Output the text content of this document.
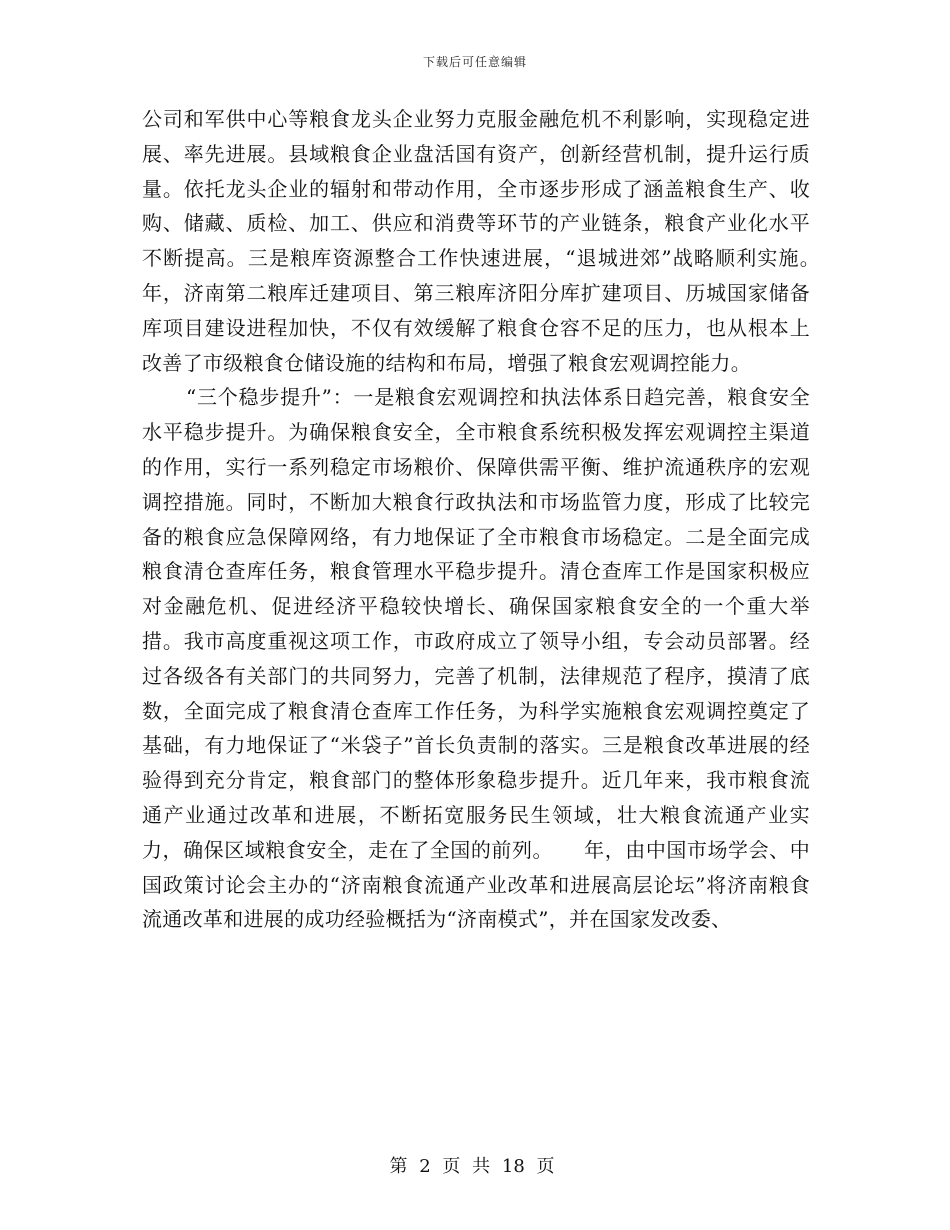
下载后可任意编辑

公司和军供中心等粮食龙头企业努力克服金融危机不利影响，实现稳定进展、率先进展。县域粮食企业盘活国有资产，创新经营机制，提升运行质量。依托龙头企业的辐射和带动作用，全市逐步形成了涵盖粮食生产、收购、储藏、质检、加工、供应和消费等环节的产业链条，粮食产业化水平不断提高。三是粮库资源整合工作快速进展，“退城进郊”战略顺利实施。　　年，济南第二粮库迁建项目、第三粮库济阳分库扩建项目、历城国家储备库项目建设进程加快，不仅有效缓解了粮食仓容不足的压力，也从根本上改善了市级粮食仓储设施的结构和布局，增强了粮食宏观调控能力。

“三个稳步提升”：一是粮食宏观调控和执法体系日趋完善，粮食安全水平稳步提升。为确保粮食安全，全市粮食系统积极发挥宏观调控主渠道的作用，实行一系列稳定市场粮价、保障供需平衡、维护流通秩序的宏观调控措施。同时，不断加大粮食行政执法和市场监管力度，形成了比较完备的粮食应急保障网络，有力地保证了全市粮食市场稳定。二是全面完成粮食清仓查库任务，粮食管理水平稳步提升。清仓查库工作是国家积极应对金融危机、促进经济平稳较快增长、确保国家粮食安全的一个重大举措。我市高度重视这项工作，市政府成立了领导小组，专会动员部署。经过各级各有关部门的共同努力，完善了机制，法律规范了程序，摸清了底数，全面完成了粮食清仓查库工作任务，为科学实施粮食宏观调控奠定了基础，有力地保证了“米袋子”首长负责制的落实。三是粮食改革进展的经验得到充分肯定，粮食部门的整体形象稳步提升。近几年来，我市粮食流通产业通过改革和进展，不断拓宽服务民生领域，壮大粮食流通产业实力，确保区域粮食安全，走在了全国的前列。　　年，由中国市场学会、中国政策讨论会主办的“济南粮食流通产业改革和进展高层论坛”将济南粮食流通改革和进展的成功经验概括为“济南模式”，并在国家发改委、

第 2 页 共 18 页
